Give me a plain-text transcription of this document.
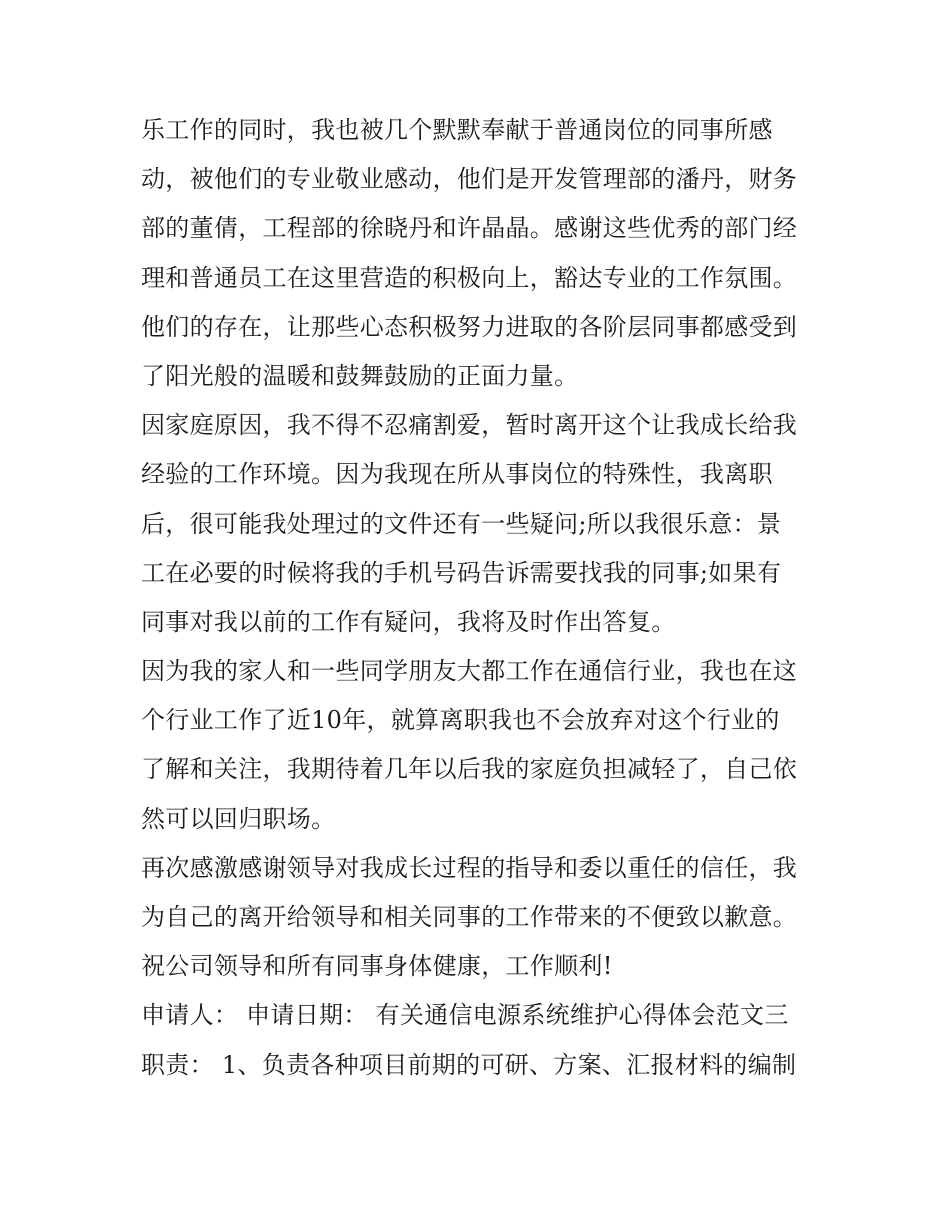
乐工作的同时，我也被几个默默奉献于普通岗位的同事所感
动，被他们的专业敬业感动，他们是开发管理部的潘丹，财务
部的董倩，工程部的徐晓丹和许晶晶。感谢这些优秀的部门经
理和普通员工在这里营造的积极向上，豁达专业的工作氛围。
他们的存在，让那些心态积极努力进取的各阶层同事都感受到
了阳光般的温暖和鼓舞鼓励的正面力量。
因家庭原因，我不得不忍痛割爱，暂时离开这个让我成长给我
经验的工作环境。因为我现在所从事岗位的特殊性，我离职
后，很可能我处理过的文件还有一些疑问;所以我很乐意：景
工在必要的时候将我的手机号码告诉需要找我的同事;如果有
同事对我以前的工作有疑问，我将及时作出答复。
因为我的家人和一些同学朋友大都工作在通信行业，我也在这
个行业工作了近10年，就算离职我也不会放弃对这个行业的
了解和关注，我期待着几年以后我的家庭负担减轻了，自己依
然可以回归职场。
再次感激感谢领导对我成长过程的指导和委以重任的信任，我
为自己的离开给领导和相关同事的工作带来的不便致以歉意。
祝公司领导和所有同事身体健康，工作顺利!
申请人： 申请日期： 有关通信电源系统维护心得体会范文三
职责： 1、负责各种项目前期的可研、方案、汇报材料的编制
